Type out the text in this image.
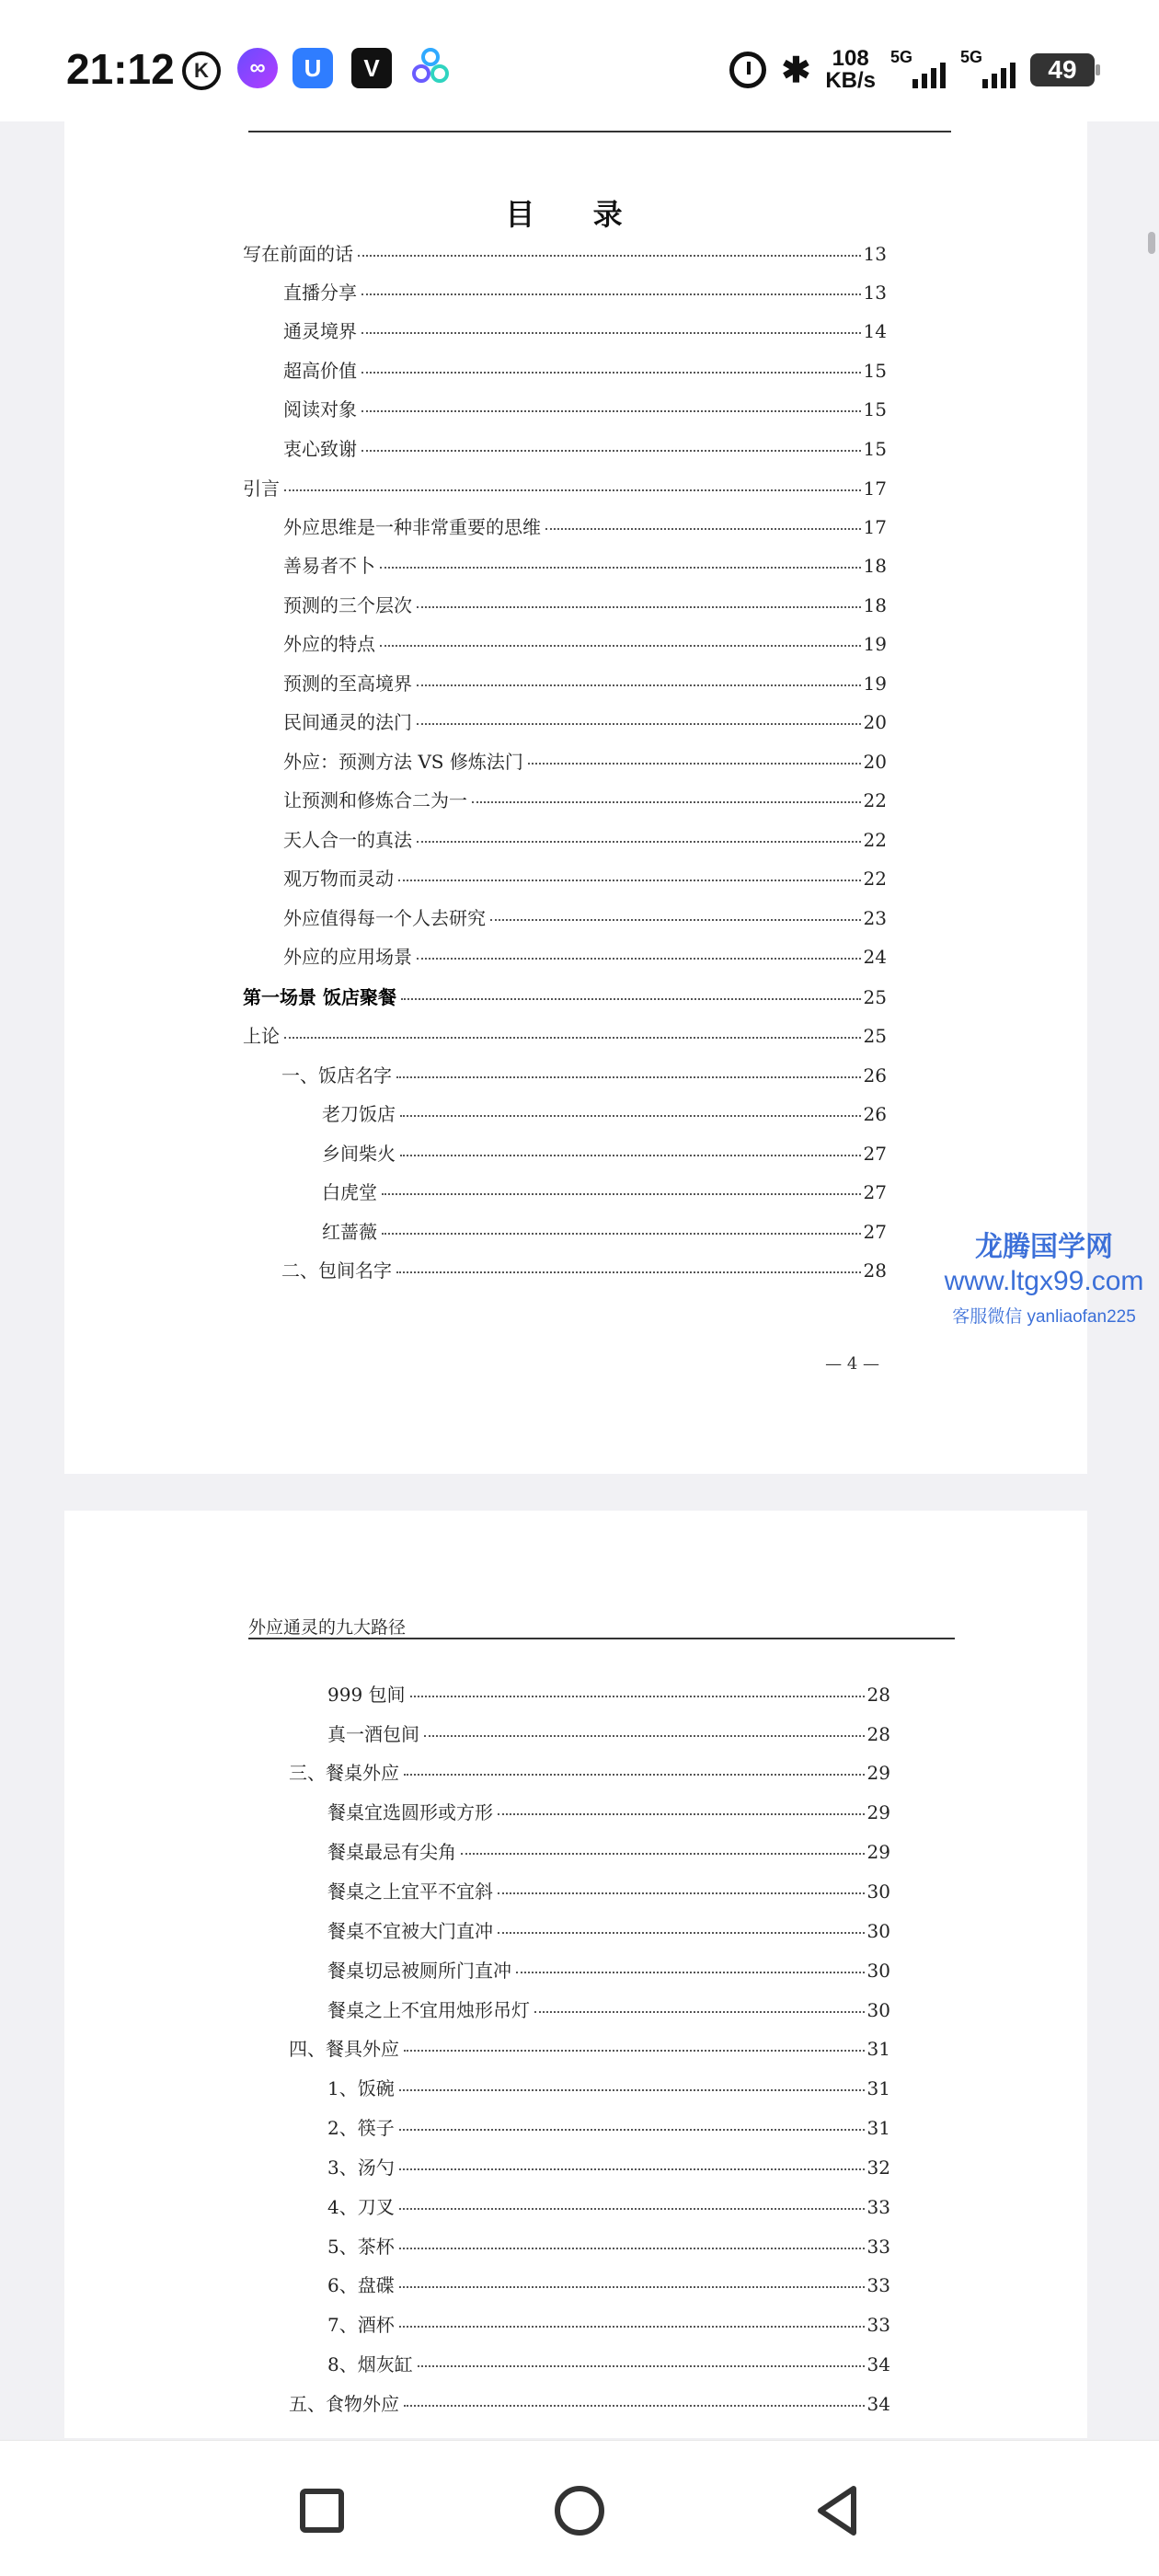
21:12 K	∞	U	V	✱ 108
KB/s
5G	5G	49
目 录
写在前面的话	13
直播分享	13
通灵境界	14
超高价值	15
阅读对象	15
衷心致谢	15
引言	17
外应思维是一种非常重要的思维	17
善易者不卜	18
预测的三个层次	18
外应的特点	19
预测的至高境界	19
民间通灵的法门	20
外应：预测方法 VS 修炼法门	20
让预测和修炼合二为一	22
天人合一的真法	22
观万物而灵动	22
外应值得每一个人去研究	23
外应的应用场景	24
第一场景 饭店聚餐	25
上论	25
一、饭店名字	26
老刀饭店	26
乡间柴火	27
白虎堂	27
红蔷薇	27
二、包间名字	28
— 4 —
外应通灵的九大路径
999 包间	28
真一酒包间	28
三、餐桌外应	29
餐桌宜选圆形或方形	29
餐桌最忌有尖角	29
餐桌之上宜平不宜斜	30
餐桌不宜被大门直冲	30
餐桌切忌被厕所门直冲	30
餐桌之上不宜用烛形吊灯	30
四、餐具外应	31
1、饭碗	31
2、筷子	31
3、汤勺	32
4、刀叉	33
5、茶杯	33
6、盘碟	33
7、酒杯	33
8、烟灰缸	34
五、食物外应	34
龙腾国学网
www.ltgx99.com
客服微信 yanliaofan225
